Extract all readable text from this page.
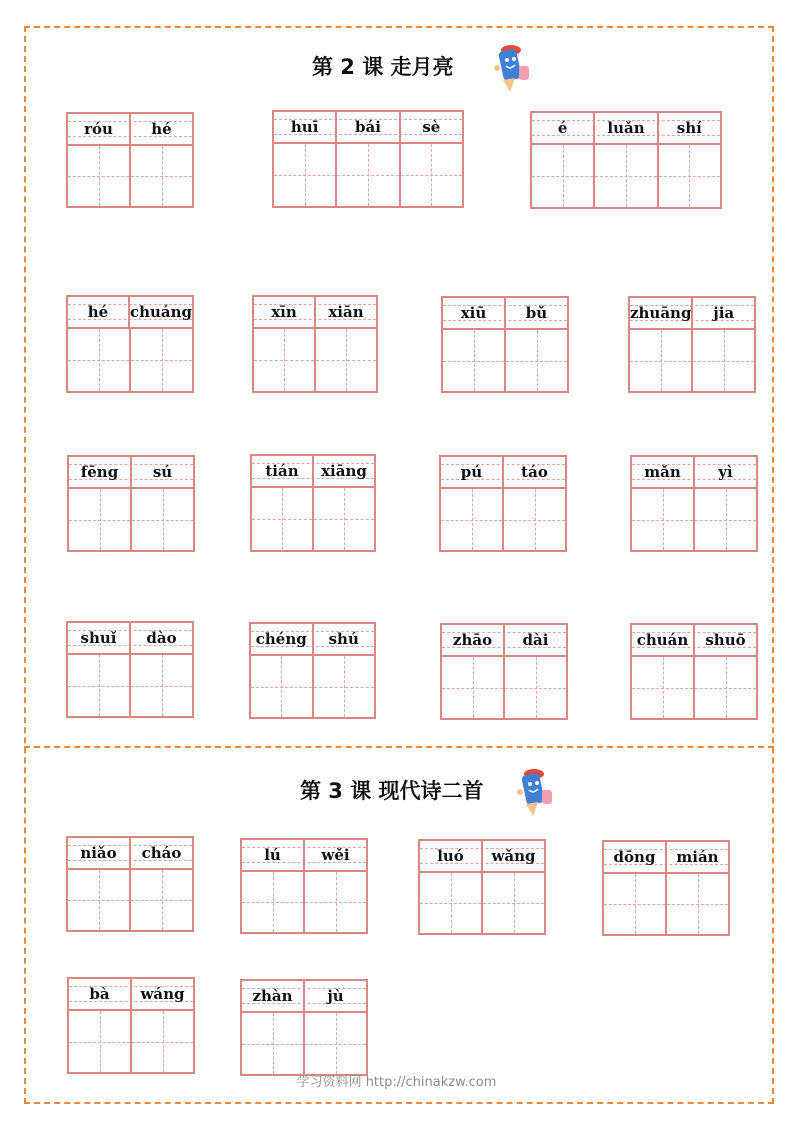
第 2 课 走月亮
第 3 课 现代诗二首
róu	hé	huī	bái	sè	é	luǎn	shí
hé	chuáng	xīn	xiān	xiū	bǔ	zhuāng	jia
fēng	sú	tián	xiāng	pú	táo	mǎn	yì
shuǐ	dào	chéng	shú	zhāo	dài	chuán	shuō
niǎo	cháo	lú	wěi	luó	wǎng	dōng	mián
bà	wáng	zhàn	jù
学习资料网 http://chinakzw.com
